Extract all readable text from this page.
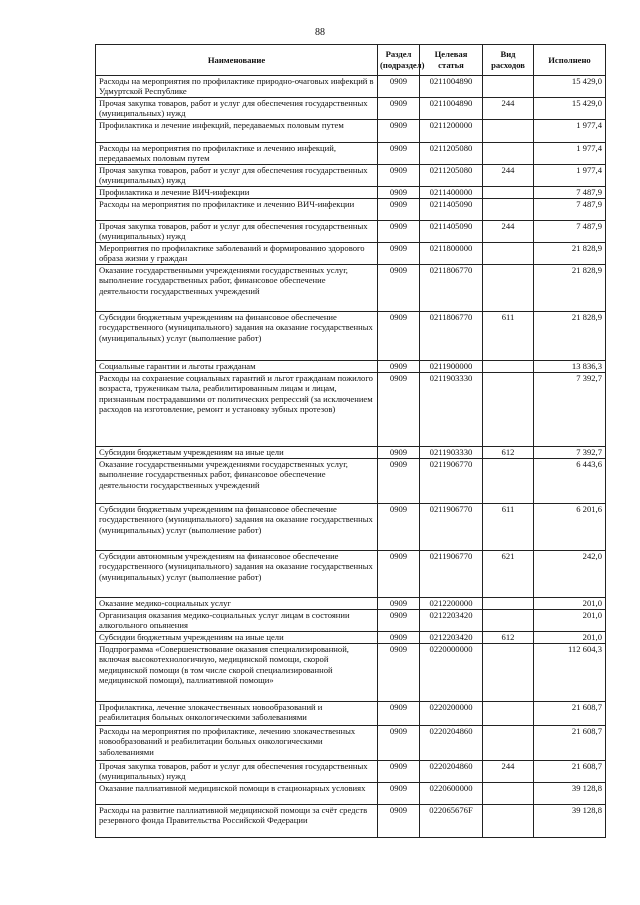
88
Наименование	Раздел (подраздел)	Целевая статья	Вид расходов	Исполнено
Расходы на мероприятия по профилактике природно-очаговых инфекций в Удмуртской Республике	0909	0211004890		15 429,0
Прочая закупка товаров, работ и услуг для обеспечения государственных (муниципальных) нужд	0909	0211004890	244	15 429,0
Профилактика и лечение инфекций, передаваемых половым путем	0909	0211200000		1 977,4
Расходы на мероприятия по профилактике и лечению инфекций, передаваемых половым путем	0909	0211205080		1 977,4
Прочая закупка товаров, работ и услуг для обеспечения государственных (муниципальных) нужд	0909	0211205080	244	1 977,4
Профилактика и лечение ВИЧ-инфекции	0909	0211400000		7 487,9
Расходы на мероприятия по профилактике и лечению ВИЧ-инфекции	0909	0211405090		7 487,9
Прочая закупка товаров, работ и услуг для обеспечения государственных (муниципальных) нужд	0909	0211405090	244	7 487,9
Мероприятия по профилактике заболеваний и формированию здорового образа жизни у граждан	0909	0211800000		21 828,9
Оказание государственными учреждениями государственных услуг, выполнение государственных работ, финансовое обеспечение деятельности государственных учреждений	0909	0211806770		21 828,9
Субсидии бюджетным учреждениям на финансовое обеспечение государственного (муниципального) задания на оказание государственных (муниципальных) услуг (выполнение работ)	0909	0211806770	611	21 828,9
Социальные гарантии и льготы гражданам	0909	0211900000		13 836,3
Расходы на сохранение социальных гарантий и льгот гражданам пожилого возраста, труженикам тыла, реабилитированным лицам и лицам, признанным пострадавшими от политических репрессий (за исключением расходов на изготовление, ремонт и установку зубных протезов)	0909	0211903330		7 392,7
Субсидии бюджетным учреждениям на иные цели	0909	0211903330	612	7 392,7
Оказание государственными учреждениями государственных услуг, выполнение государственных работ, финансовое обеспечение деятельности государственных учреждений	0909	0211906770		6 443,6
Субсидии бюджетным учреждениям на финансовое обеспечение государственного (муниципального) задания на оказание государственных (муниципальных) услуг (выполнение работ)	0909	0211906770	611	6 201,6
Субсидии автономным учреждениям на финансовое обеспечение государственного (муниципального) задания на оказание государственных (муниципальных) услуг (выполнение работ)	0909	0211906770	621	242,0
Оказание медико-социальных услуг	0909	0212200000		201,0
Организация оказания медико-социальных услуг лицам в состоянии алкогольного опьянения	0909	0212203420		201,0
Субсидии бюджетным учреждениям на иные цели	0909	0212203420	612	201,0
Подпрограмма «Совершенствование оказания специализированной, включая высокотехнологичную, медицинской помощи, скорой медицинской помощи (в том числе скорой специализированной медицинской помощи), паллиативной помощи»	0909	0220000000		112 604,3
Профилактика, лечение злокачественных новообразований и реабилитация больных онкологическими заболеваниями	0909	0220200000		21 608,7
Расходы на мероприятия по профилактике, лечению злокачественных новообразований и реабилитации больных онкологическими заболеваниями	0909	0220204860		21 608,7
Прочая закупка товаров, работ и услуг для обеспечения государственных (муниципальных) нужд	0909	0220204860	244	21 608,7
Оказание паллиативной медицинской помощи в стационарных условиях	0909	0220600000		39 128,8
Расходы на развитие паллиативной медицинской помощи за счёт средств резервного фонда Правительства Российской Федерации	0909	022065676F		39 128,8
